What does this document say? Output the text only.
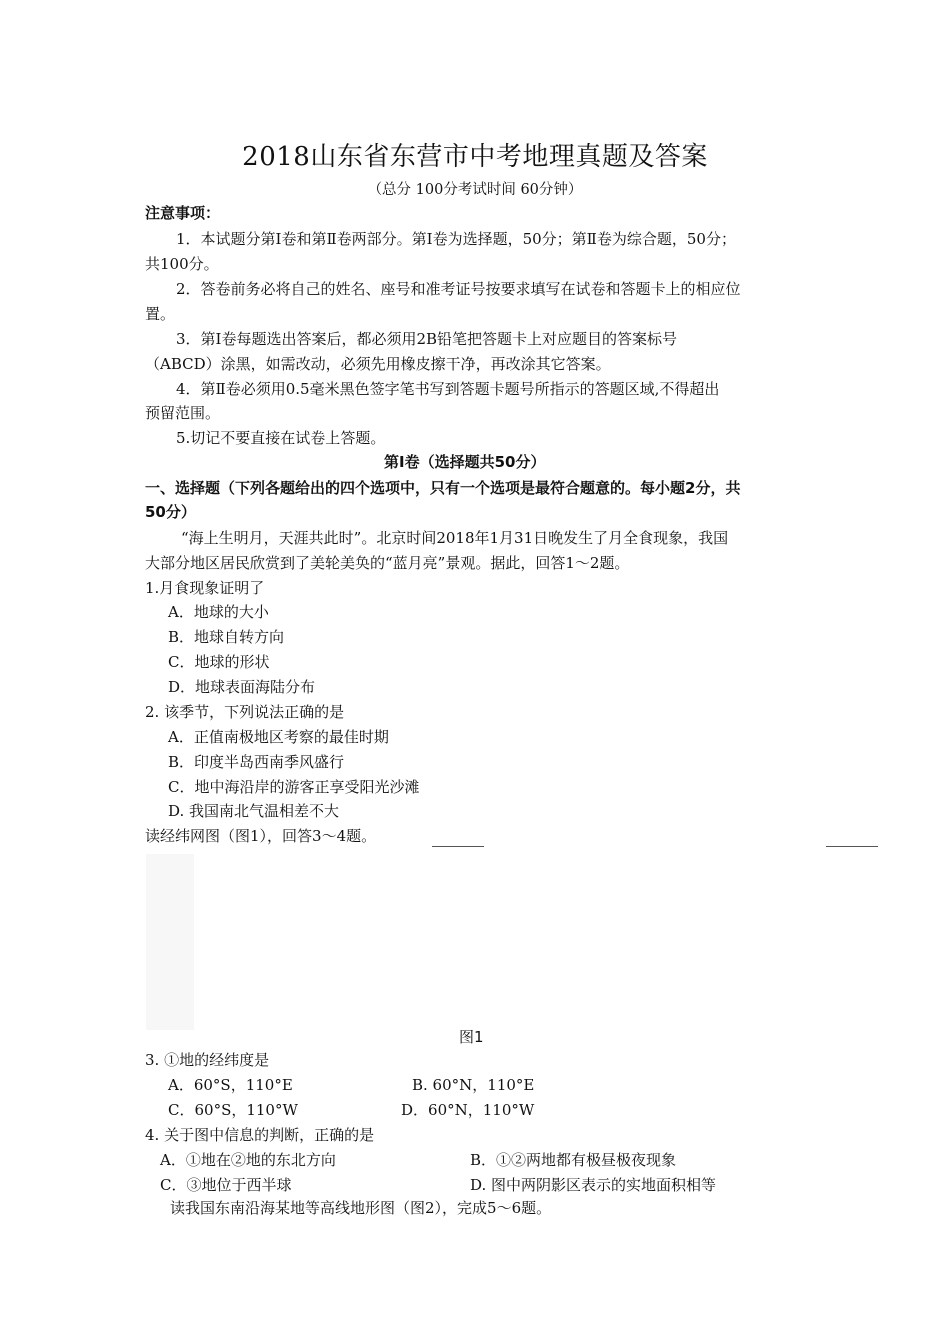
2018山东省东营市中考地理真题及答案
（总分 100分考试时间 60分钟）
注意事项：
1．本试题分第Ⅰ卷和第Ⅱ卷两部分。第Ⅰ卷为选择题，50分；第Ⅱ卷为综合题，50分；
共100分。
2．答卷前务必将自己的姓名、座号和准考证号按要求填写在试卷和答题卡上的相应位
置。
3．第Ⅰ卷每题选出答案后，都必须用2B铅笔把答题卡上对应题目的答案标号
（ABCD）涂黑，如需改动，必须先用橡皮擦干净，再改涂其它答案。
4．第Ⅱ卷必须用0.5毫米黑色签字笔书写到答题卡题号所指示的答题区域,不得超出
预留范围。
5.切记不要直接在试卷上答题。
第Ⅰ卷（选择题共50分）
一、选择题（下列各题给出的四个选项中，只有一个选项是最符合题意的。每小题2分，共
50分）
“海上生明月，天涯共此时”。北京时间2018年1月31日晚发生了月全食现象，我国
大部分地区居民欣赏到了美轮美奂的“蓝月亮”景观。据此，回答1～2题。
1.月食现象证明了
A．地球的大小
B．地球自转方向
C．地球的形状
D．地球表面海陆分布
2. 该季节，下列说法正确的是
A．正值南极地区考察的最佳时期
B．印度半岛西南季风盛行
C．地中海沿岸的游客正享受阳光沙滩
D. 我国南北气温相差不大
读经纬网图（图1），回答3～4题。
图1
3. ①地的经纬度是
A．60°S，110°E	B. 60°N，110°E
C．60°S，110°W	D．60°N，110°W
4. 关于图中信息的判断，正确的是
A．①地在②地的东北方向	B．①②两地都有极昼极夜现象
C．③地位于西半球	D. 图中两阴影区表示的实地面积相等
读我国东南沿海某地等高线地形图（图2），完成5～6题。
